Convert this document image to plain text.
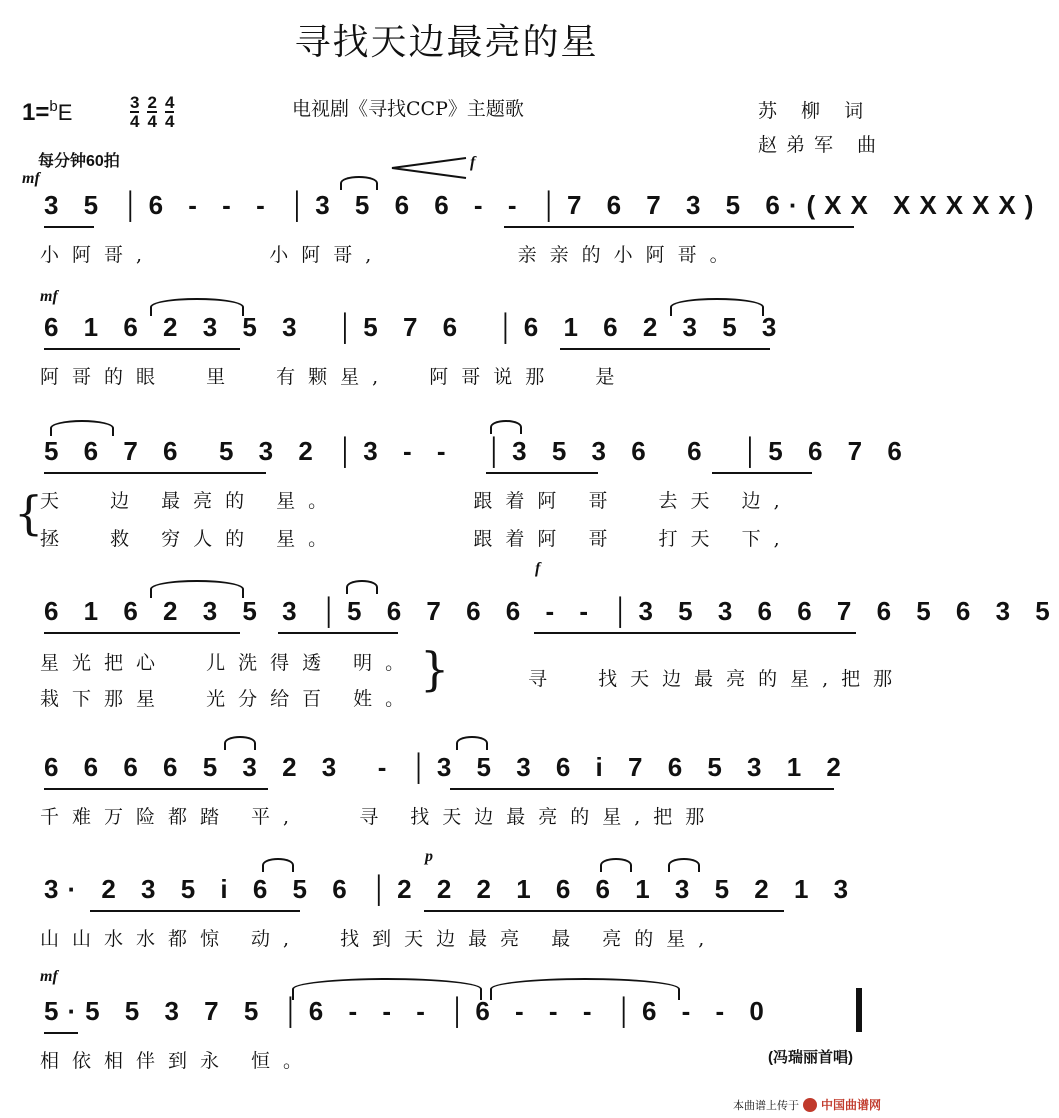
寻找天边最亮的星
1=$^b$E	3
4
2
4
4
4
电视剧《寻找CCP》主题歌	苏 柳 词
赵弟军 曲
每分钟60拍
mf
f
mf
f
p
mf
3 5 │6 - - - │3 5 6 6 - - │7 6 7 3 5 6·(XX XXXXX)
小阿哥,      小阿哥,       亲亲的小阿哥。
6 1 6 2 3 5 3  │5 7 6  │6 1 6 2 3 5 3
阿哥的眼  里  有颗星,  阿哥说那  是
5 6 7 6  5 3 2 │3 - -  │3 5 3 6  6  │5 6 7 6
{
天  边 最亮的 星。       跟着阿 哥  去天 边,
拯  救 穷人的 星。       跟着阿 哥  打天 下,
6 1 6 2 3 5 3 │5 6 7 6 6 - - │3 5 3 6 6 7 6 5 6 3 5
星光把心  儿洗得透 明。
栽下那星  光分给百 姓。
}	寻  找天边最亮的星,把那
6 6 6 6 5 3 2 3  - │3 5 3 6 i 7 6 5 3 1 2
千难万险都踏 平,   寻 找天边最亮的星,把那
3· 2 3 5 i 6 5 6 │2 2 2 1 6 6 1 3 5 2 1 3
山山水水都惊 动,  找到天边最亮 最 亮的星,
5·5 5 3 7 5 │6 - - - │6 - - - │6 - - 0
相依相伴到永 恒。	(冯瑞丽首唱)
本曲谱上传于 中国曲谱网
